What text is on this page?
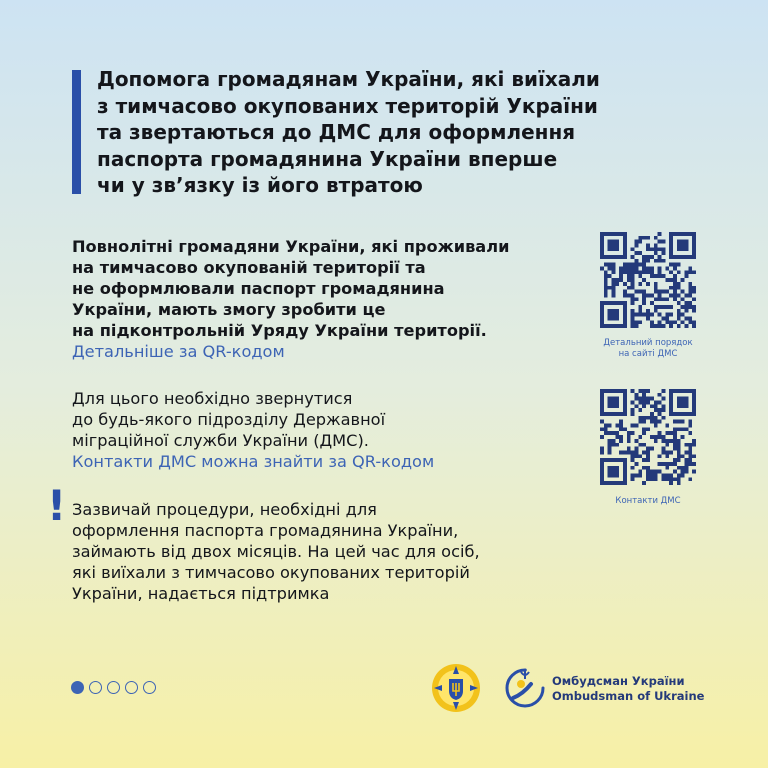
Допомога громадянам України, які виїхали
з тимчасово окупованих територій України
та звертаються до ДМС для оформлення
паспорта громадянина України вперше
чи у зв’язку із його втратою
Повнолітні громадяни України, які проживали
на тимчасово окупованій території та
не оформлювали паспорт громадянина
України, мають змогу зробити це
на підконтрольній Уряду України території.
Детальніше за QR-кодом
Для цього необхідно звернутися
до будь-якого підрозділу Державної
міграційної служби України (ДМС).
Контакти ДМС можна знайти за QR-кодом
! Зазвичай процедури, необхідні для
оформлення паспорта громадянина України,
займають від двох місяців. На цей час для осіб,
які виїхали з тимчасово окупованих територій
України, надається підтримка
Детальний порядок
на сайті ДМС
Контакти ДМС
Омбудсман України
Ombudsman of Ukraine
